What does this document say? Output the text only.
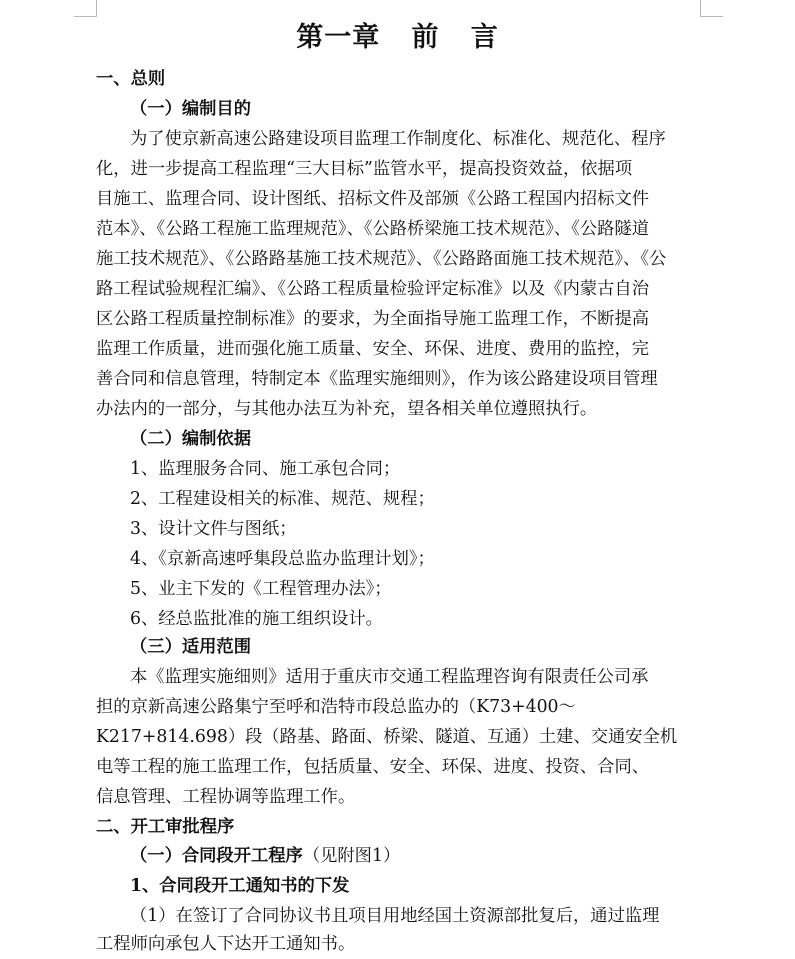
第一章   前   言
一、总则
（一）编制目的
为了使京新高速公路建设项目监理工作制度化、标准化、规范化、程序
化，进一步提高工程监理“三大目标”监管水平，提高投资效益，依据项
目施工、监理合同、设计图纸、招标文件及部颁《公路工程国内招标文件
范本》、《公路工程施工监理规范》、《公路桥梁施工技术规范》、《公路隧道
施工技术规范》、《公路路基施工技术规范》、《公路路面施工技术规范》、《公
路工程试验规程汇编》、《公路工程质量检验评定标准》以及《内蒙古自治
区公路工程质量控制标准》的要求，为全面指导施工监理工作，不断提高
监理工作质量，进而强化施工质量、安全、环保、进度、费用的监控，完
善合同和信息管理，特制定本《监理实施细则》，作为该公路建设项目管理
办法内的一部分，与其他办法互为补充，望各相关单位遵照执行。
（二）编制依据
1、监理服务合同、施工承包合同；
2、工程建设相关的标准、规范、规程；
3、设计文件与图纸；
4、《京新高速呼集段总监办监理计划》；
5、业主下发的《工程管理办法》；
6、经总监批准的施工组织设计。
（三）适用范围
本《监理实施细则》适用于重庆市交通工程监理咨询有限责任公司承
担的京新高速公路集宁至呼和浩特市段总监办的（K73+400～
K217+814.698）段（路基、路面、桥梁、隧道、互通）土建、交通安全机
电等工程的施工监理工作，包括质量、安全、环保、进度、投资、合同、
信息管理、工程协调等监理工作。
二、开工审批程序
（一）合同段开工程序（见附图1）
1、合同段开工通知书的下发
（1）在签订了合同协议书且项目用地经国土资源部批复后，通过监理
工程师向承包人下达开工通知书。
